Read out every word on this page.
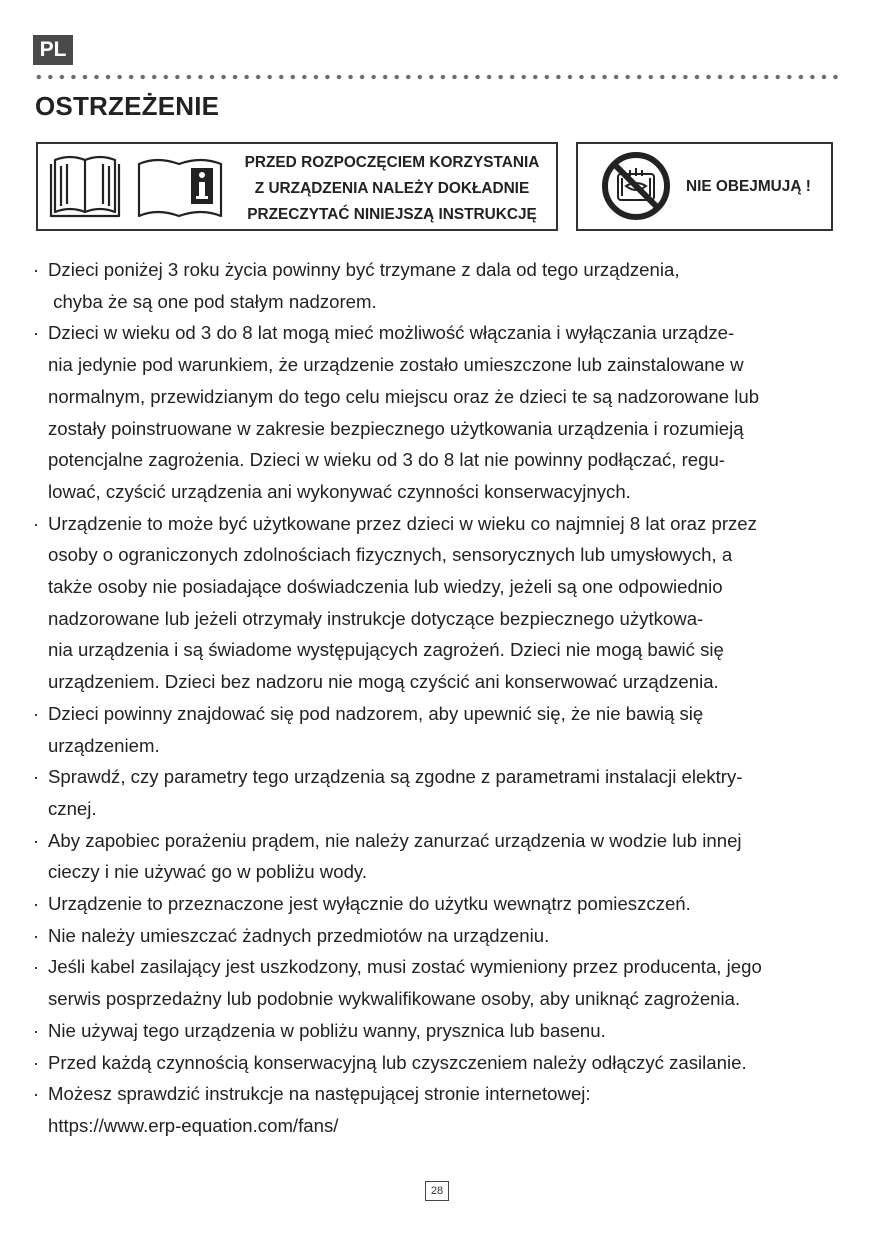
PL
OSTRZEŻENIE
PRZED ROZPOCZĘCIEM KORZYSTANIA
Z URZĄDZENIA NALEŻY DOKŁADNIE
PRZECZYTAĆ NINIEJSZĄ INSTRUKCJĘ
NIE OBEJMUJĄ !
· Dzieci poniżej 3 roku życia powinny być trzymane z dala od tego urządzenia,
chyba że są one pod stałym nadzorem.
· Dzieci w wieku od 3 do 8 lat mogą mieć możliwość włączania i wyłączania urządze-
nia jedynie pod warunkiem, że urządzenie zostało umieszczone lub zainstalowane w
normalnym, przewidzianym do tego celu miejscu oraz że dzieci te są nadzorowane lub
zostały poinstruowane w zakresie bezpiecznego użytkowania urządzenia i rozumieją
potencjalne zagrożenia. Dzieci w wieku od 3 do 8 lat nie powinny podłączać, regu-
lować, czyścić urządzenia ani wykonywać czynności konserwacyjnych.
· Urządzenie to może być użytkowane przez dzieci w wieku co najmniej 8 lat oraz przez
osoby o ograniczonych zdolnościach fizycznych, sensorycznych lub umysłowych, a
także osoby nie posiadające doświadczenia lub wiedzy, jeżeli są one odpowiednio
nadzorowane lub jeżeli otrzymały instrukcje dotyczące bezpiecznego użytkowa-
nia urządzenia i są świadome występujących zagrożeń. Dzieci nie mogą bawić się
urządzeniem. Dzieci bez nadzoru nie mogą czyścić ani konserwować urządzenia.
· Dzieci powinny znajdować się pod nadzorem, aby upewnić się, że nie bawią się
urządzeniem.
· Sprawdź, czy parametry tego urządzenia są zgodne z parametrami instalacji elektry-
cznej.
· Aby zapobiec porażeniu prądem, nie należy zanurzać urządzenia w wodzie lub innej
cieczy i nie używać go w pobliżu wody.
· Urządzenie to przeznaczone jest wyłącznie do użytku wewnątrz pomieszczeń.
· Nie należy umieszczać żadnych przedmiotów na urządzeniu.
· Jeśli kabel zasilający jest uszkodzony, musi zostać wymieniony przez producenta, jego
serwis posprzedażny lub podobnie wykwalifikowane osoby, aby uniknąć zagrożenia.
· Nie używaj tego urządzenia w pobliżu wanny, prysznica lub basenu.
· Przed każdą czynnością konserwacyjną lub czyszczeniem należy odłączyć zasilanie.
· Możesz sprawdzić instrukcje na następującej stronie internetowej:
https://www.erp-equation.com/fans/
28
